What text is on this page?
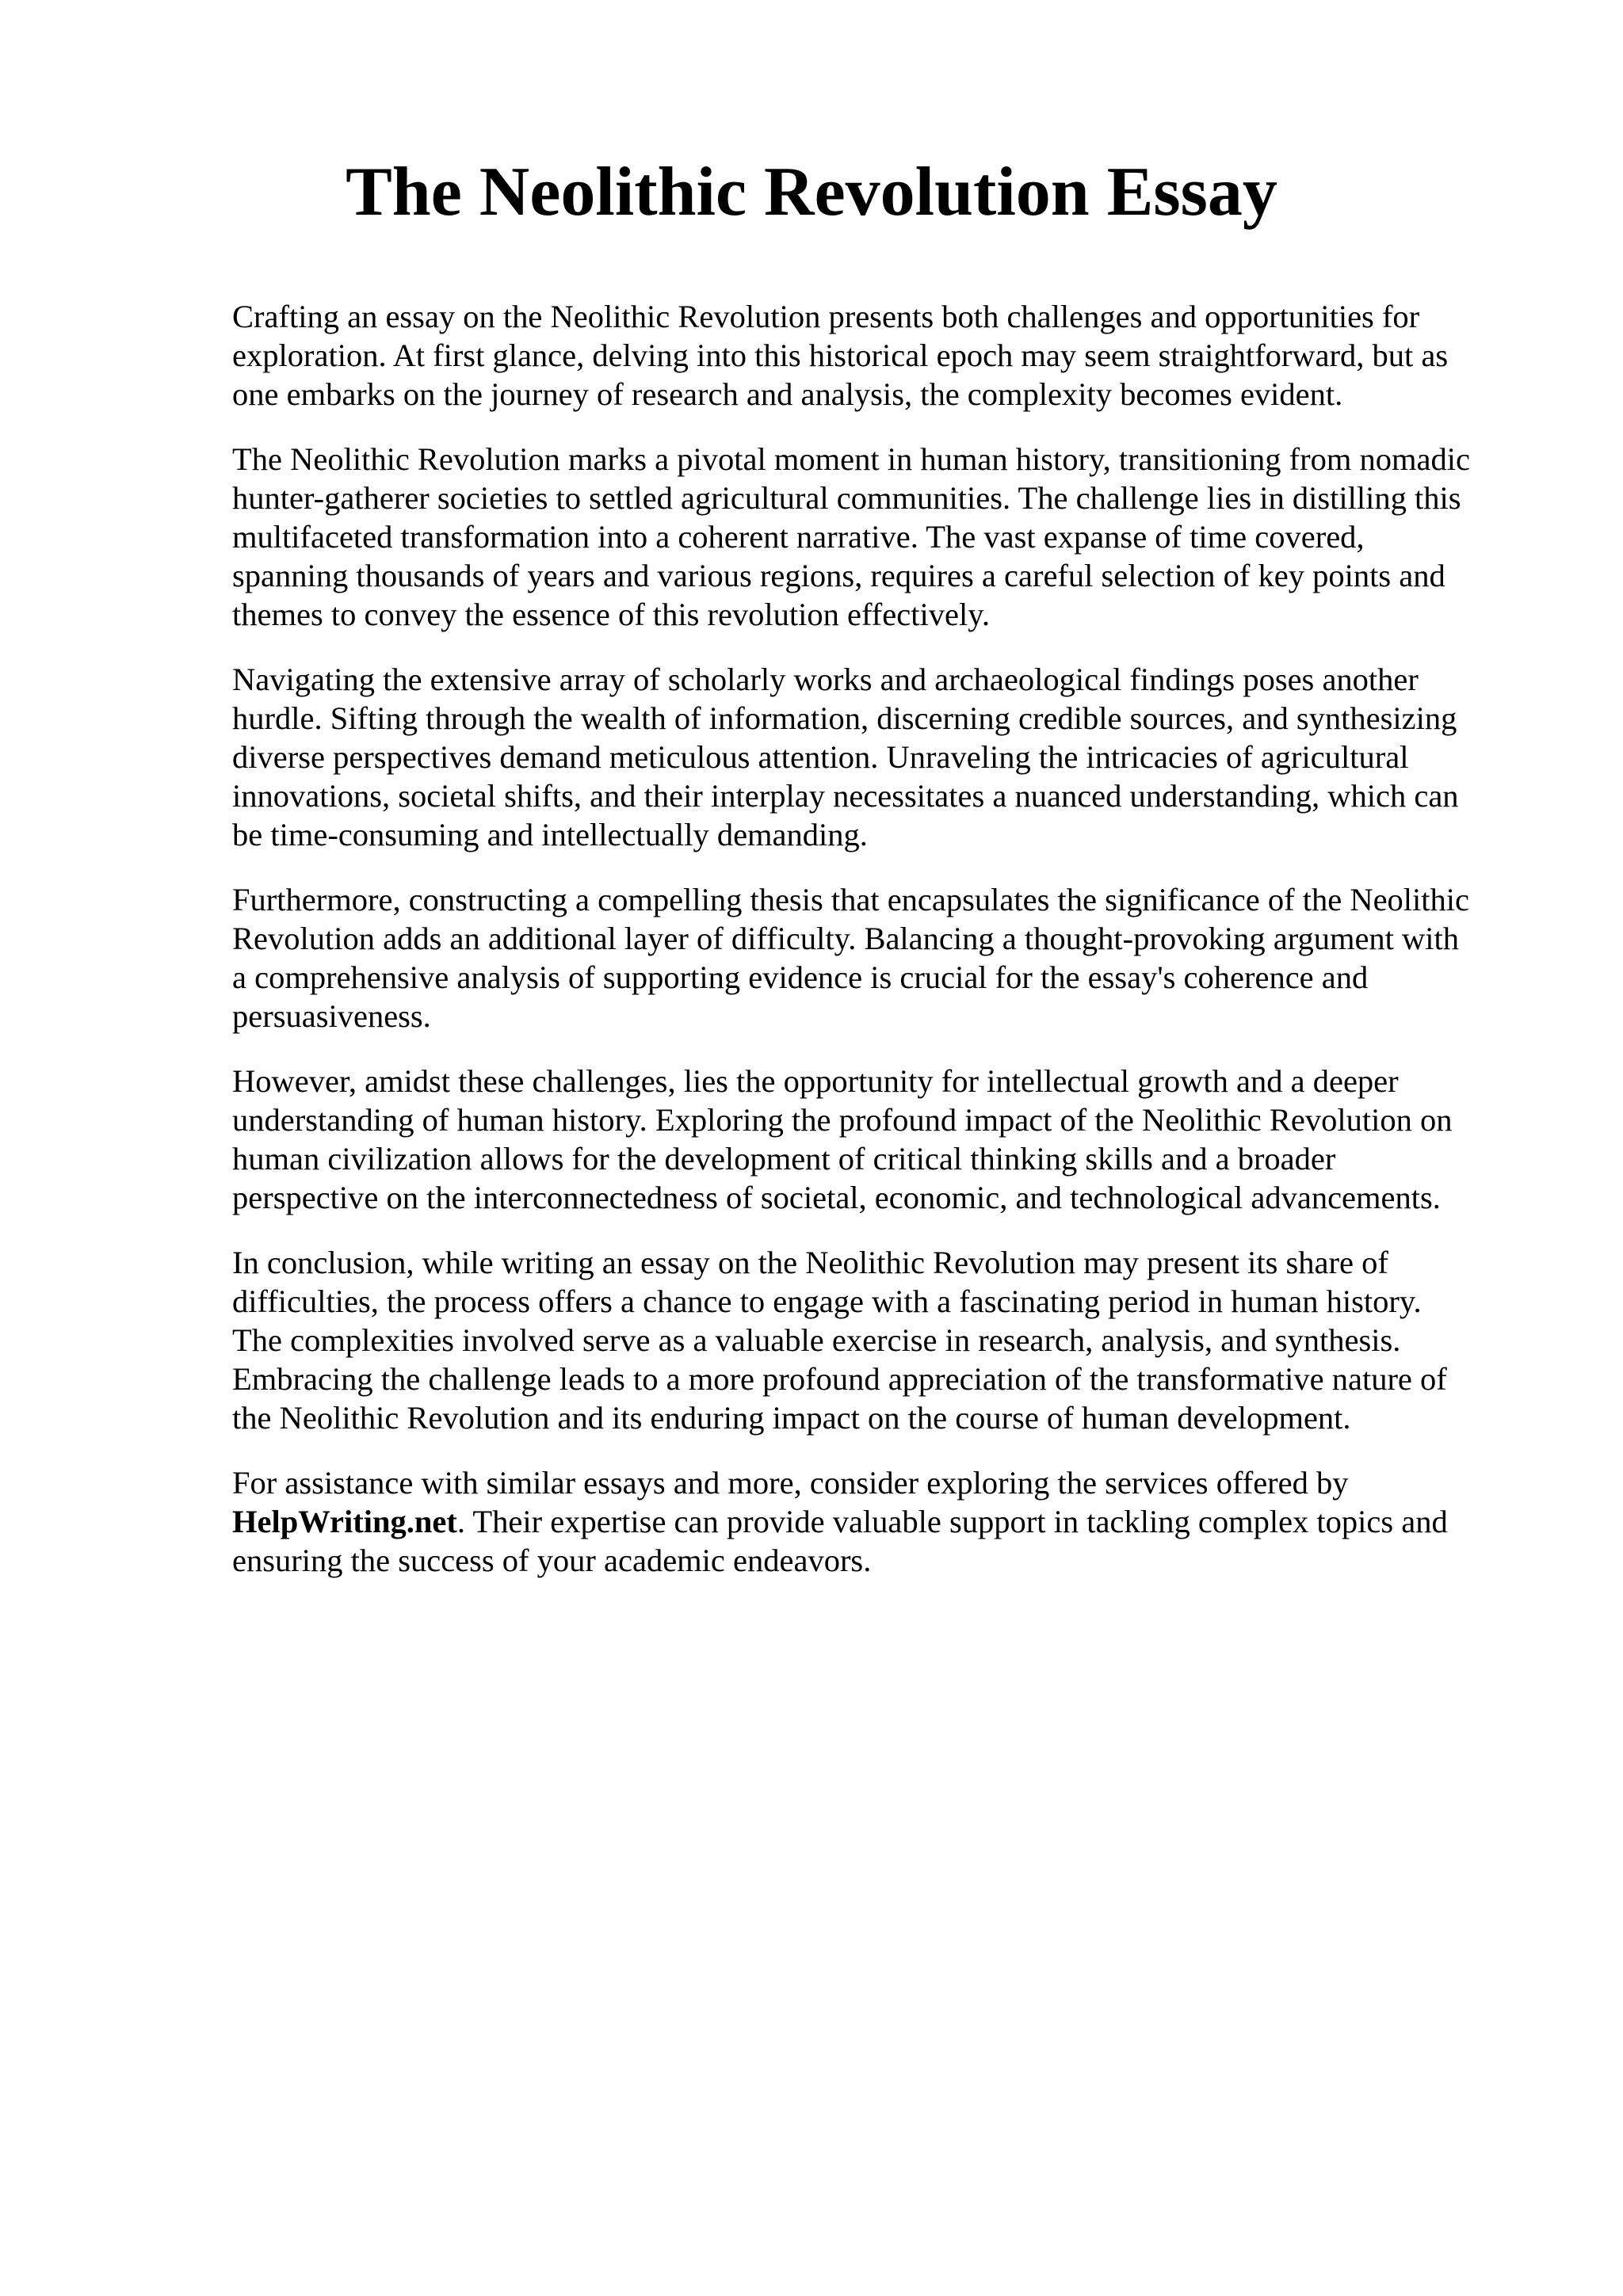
The Neolithic Revolution Essay

Crafting an essay on the Neolithic Revolution presents both challenges and opportunities for
exploration. At first glance, delving into this historical epoch may seem straightforward, but as
one embarks on the journey of research and analysis, the complexity becomes evident.

The Neolithic Revolution marks a pivotal moment in human history, transitioning from nomadic
hunter-gatherer societies to settled agricultural communities. The challenge lies in distilling this
multifaceted transformation into a coherent narrative. The vast expanse of time covered,
spanning thousands of years and various regions, requires a careful selection of key points and
themes to convey the essence of this revolution effectively.

Navigating the extensive array of scholarly works and archaeological findings poses another
hurdle. Sifting through the wealth of information, discerning credible sources, and synthesizing
diverse perspectives demand meticulous attention. Unraveling the intricacies of agricultural
innovations, societal shifts, and their interplay necessitates a nuanced understanding, which can
be time-consuming and intellectually demanding.

Furthermore, constructing a compelling thesis that encapsulates the significance of the Neolithic
Revolution adds an additional layer of difficulty. Balancing a thought-provoking argument with
a comprehensive analysis of supporting evidence is crucial for the essay's coherence and
persuasiveness.

However, amidst these challenges, lies the opportunity for intellectual growth and a deeper
understanding of human history. Exploring the profound impact of the Neolithic Revolution on
human civilization allows for the development of critical thinking skills and a broader
perspective on the interconnectedness of societal, economic, and technological advancements.

In conclusion, while writing an essay on the Neolithic Revolution may present its share of
difficulties, the process offers a chance to engage with a fascinating period in human history.
The complexities involved serve as a valuable exercise in research, analysis, and synthesis.
Embracing the challenge leads to a more profound appreciation of the transformative nature of
the Neolithic Revolution and its enduring impact on the course of human development.

For assistance with similar essays and more, consider exploring the services offered by
HelpWriting.net. Their expertise can provide valuable support in tackling complex topics and
ensuring the success of your academic endeavors.
